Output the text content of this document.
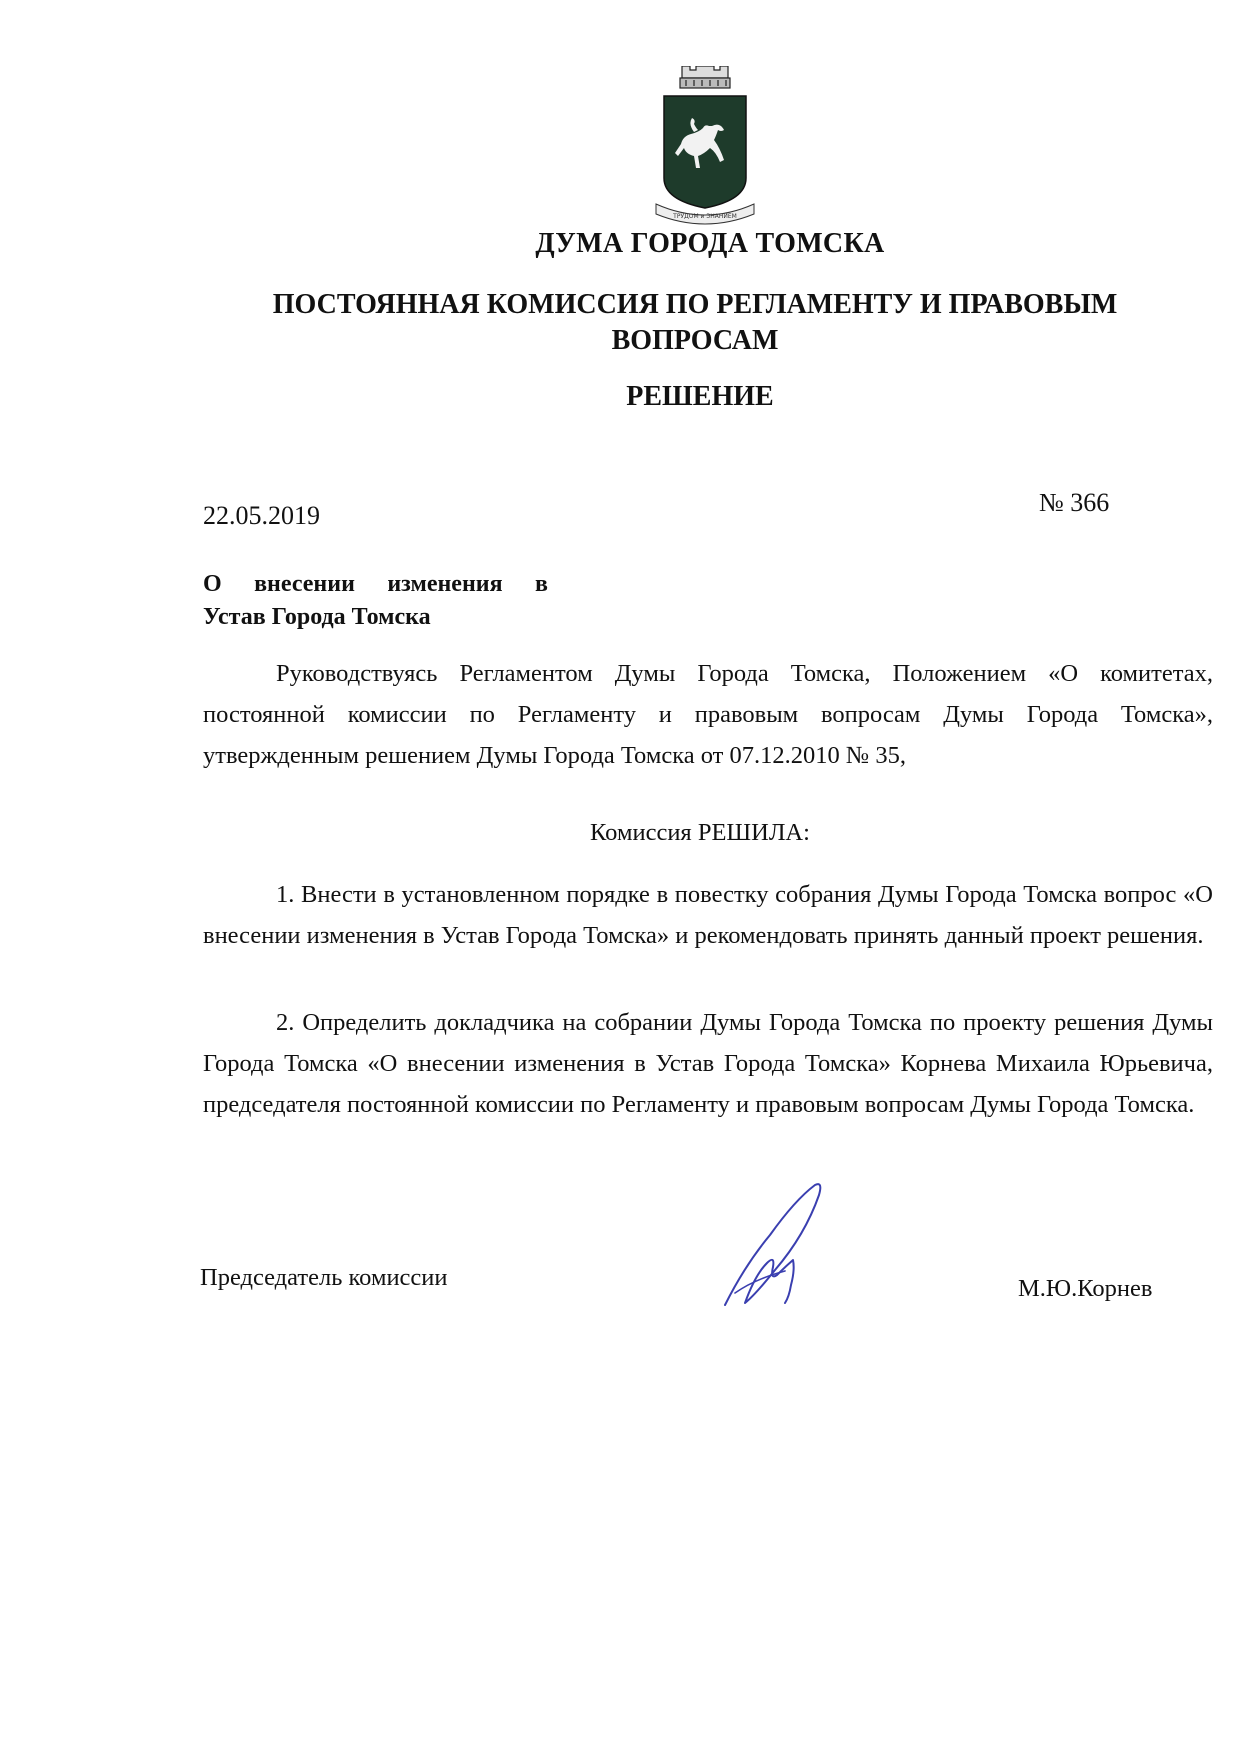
ТРУДОМ и ЗНАНИЕМ
ДУМА ГОРОДА ТОМСКА
ПОСТОЯННАЯ КОМИССИЯ ПО РЕГЛАМЕНТУ И ПРАВОВЫМ ВОПРОСАМ
РЕШЕНИЕ
22.05.2019	№ 366
О внесении изменения в
Устав Города Томска
Руководствуясь Регламентом Думы Города Томска, Положением «О комитетах, постоянной комиссии по Регламенту и правовым вопросам Думы Города Томска», утвержденным решением Думы Города Томска от 07.12.2010 № 35,
Комиссия РЕШИЛА:
1. Внести в установленном порядке в повестку собрания Думы Города Томска вопрос «О внесении изменения в Устав Города Томска» и рекомендовать принять данный проект решения.
2. Определить докладчика на собрании Думы Города Томска по проекту решения Думы Города Томска «О внесении изменения в Устав Города Томска» Корнева Михаила Юрьевича, председателя постоянной комиссии по Регламенту и правовым вопросам Думы Города Томска.
Председатель комиссии	М.Ю.Корнев
